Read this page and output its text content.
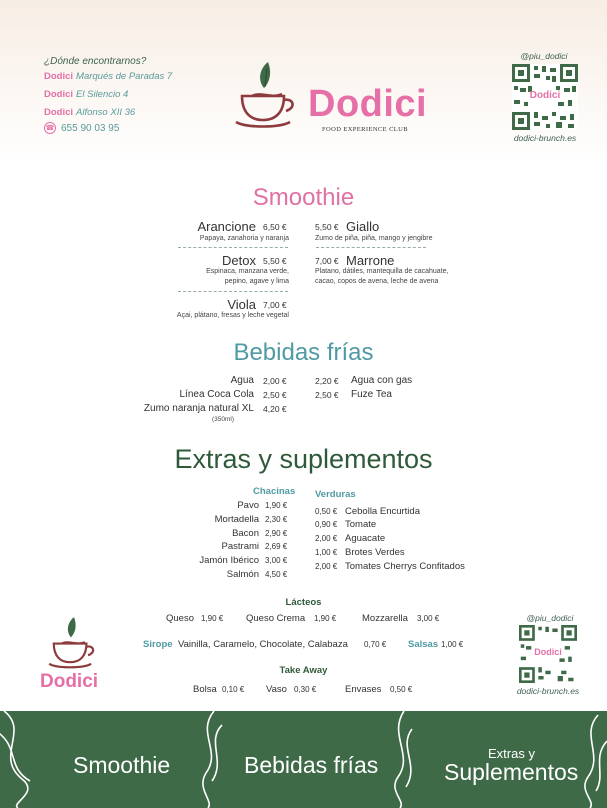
¿Dónde encontrarnos?
Dodici Marqués de Paradas 7
Dodici El Silencio 4
Dodici Alfonso XII 36
☎ 655 90 03 95
Dodici
FOOD EXPERIENCE CLUB
@piu_dodici
Dodici
dodici-brunch.es
Smoothie
Arancione 6,50 €
Papaya, zanahoria y naranja
Detox 5,50 €
Espinaca, manzana verde,
pepino, agave y lima
Viola 7,00 €
Açai, plátano, fresas y leche vegetal
5,50 € Giallo
Zumo de piña, piña, mango y jengibre
7,00 € Marrone
Platano, dátiles, mantequilla de cacahuate,
cacao, copos de avena, leche de avena
Bebidas frías
Agua 2,00 €
Línea Coca Cola 2,50 €
Zumo naranja natural XL 4,20 €
(350ml)
2,20 € Agua con gas
2,50 € Fuze Tea
Extras y suplementos
Chacinas
Pavo 1,90 €
Mortadella 2,30 €
Bacon 2,90 €
Pastrami 2,69 €
Jamón Ibérico 3,00 €
Salmón 4,50 €
Verduras
0,50 € Cebolla Encurtida
0,90 € Tomate
2,00 € Aguacate
1,00 € Brotes Verdes
2,00 € Tomates Cherrys Confitados
Lácteos
Queso 1,90 € Queso Crema 1,90 €	Mozzarella 3,00 €
Sirope Vainilla, Caramelo, Chocolate, Calabaza 0,70 € Salsas 1,00 €
Take Away
Bolsa 0,10 € Vaso 0,30 €	Envases 0,50 €
Dodici
@piu_dodici
Dodici
dodici-brunch.es
Smoothie	Bebidas frías	Extras y
Suplementos
